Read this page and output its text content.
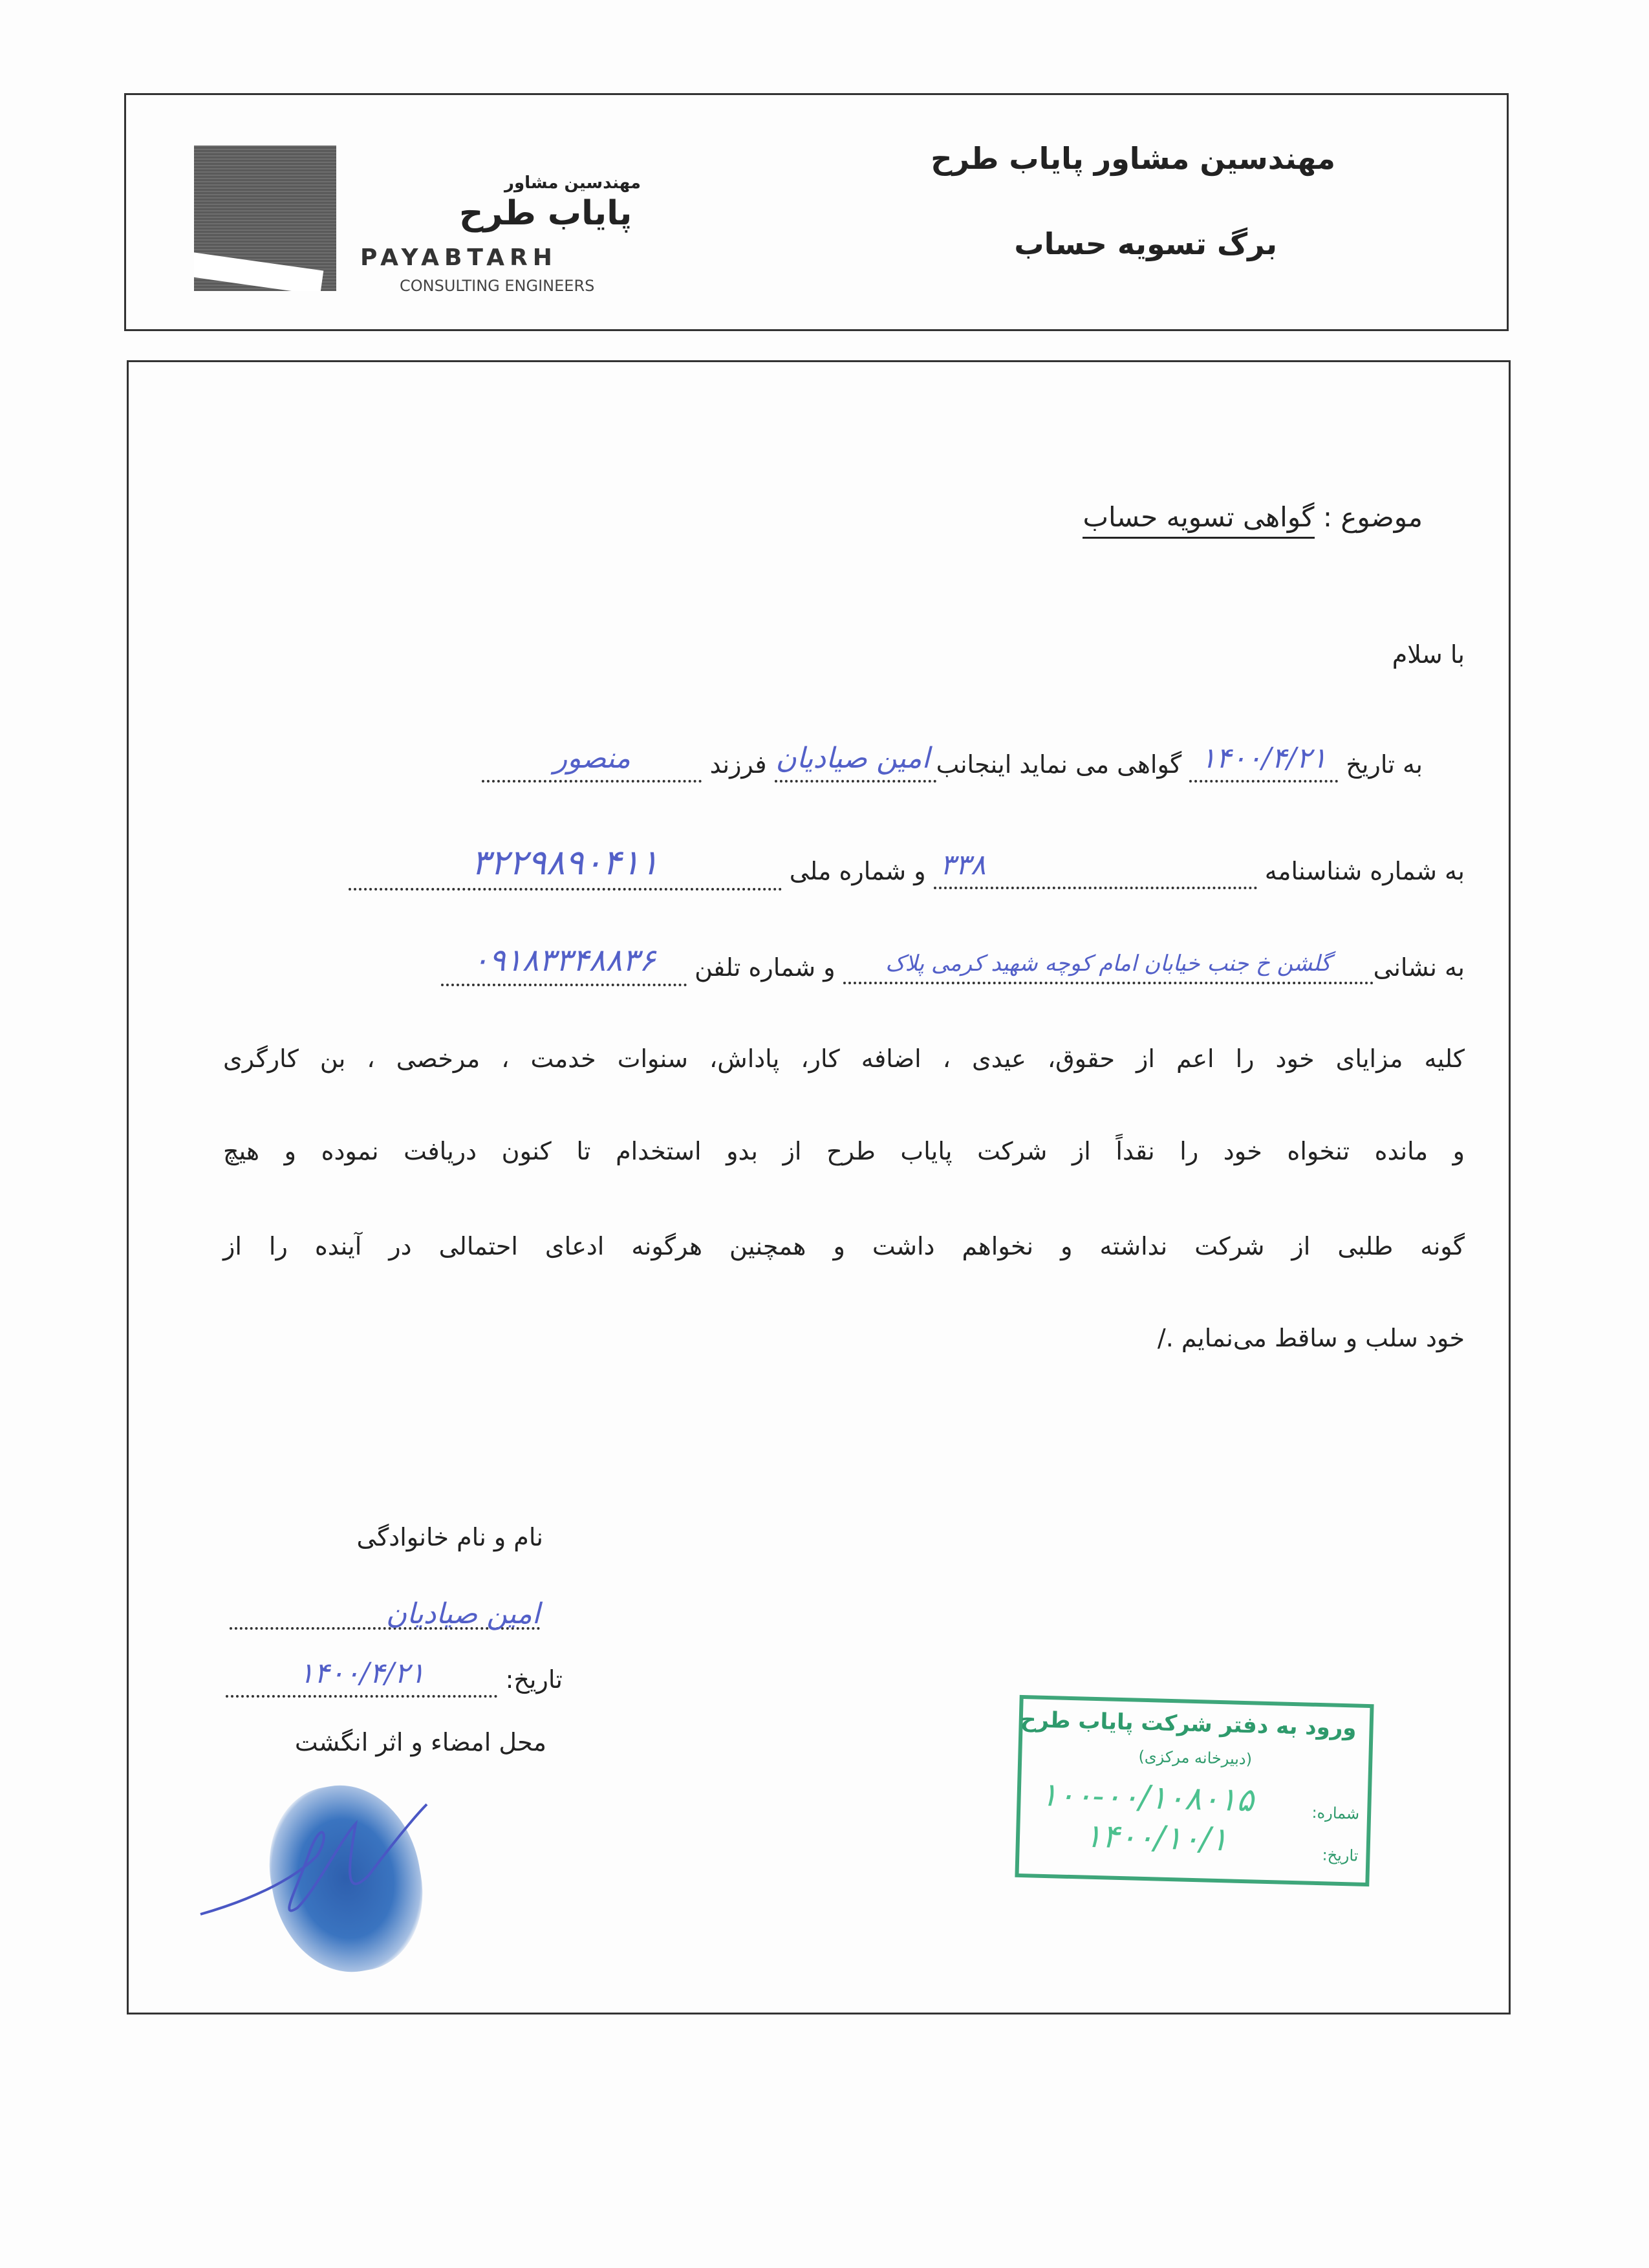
مهندسین مشاور
پایاب طرح
PAYABTARH
CONSULTING ENGINEERS
مهندسین مشاور پایاب طرح
برگ تسویه حساب
موضوع : گواهی تسویه حساب
با سلام
به تاریخ ۱۴۰۰/۴/۲۱ گواهی می نماید اینجانبامین صیادیان فرزند منصور
به شماره شناسنامه ۳۳۸ و شماره ملی ۳۲۲۹۸۹۰۴۱۱
به نشانیگلشن خ جنب خیابان امام کوچه شهید کرمی پلاک و شماره تلفن ۰۹۱۸۳۳۴۸۸۳۶
کلیه مزایای خود را اعم از حقوق، عیدی ، اضافه کار، پاداش، سنوات خدمت ، مرخصی ، بن کارگری
و مانده تنخواه خود را نقداً از شرکت پایاب طرح از بدو استخدام تا کنون دریافت نموده و هیچ
گونه طلبی از شرکت نداشته و نخواهم داشت و همچنین هرگونه ادعای احتمالی در آینده را از
خود سلب و ساقط می‌نمایم ./
نام و نام خانوادگی
امین صیادیان
تاریخ: ۱۴۰۰/۴/۲۱
محل امضاء و اثر انگشت
ورود به دفتر شرکت پایاب طرح
(دبیرخانه مرکزی)
شماره:
۱۰۰-۰۰/۱۰۸۰۱۵
تاریخ:
۱۴۰۰/۱۰/۱
